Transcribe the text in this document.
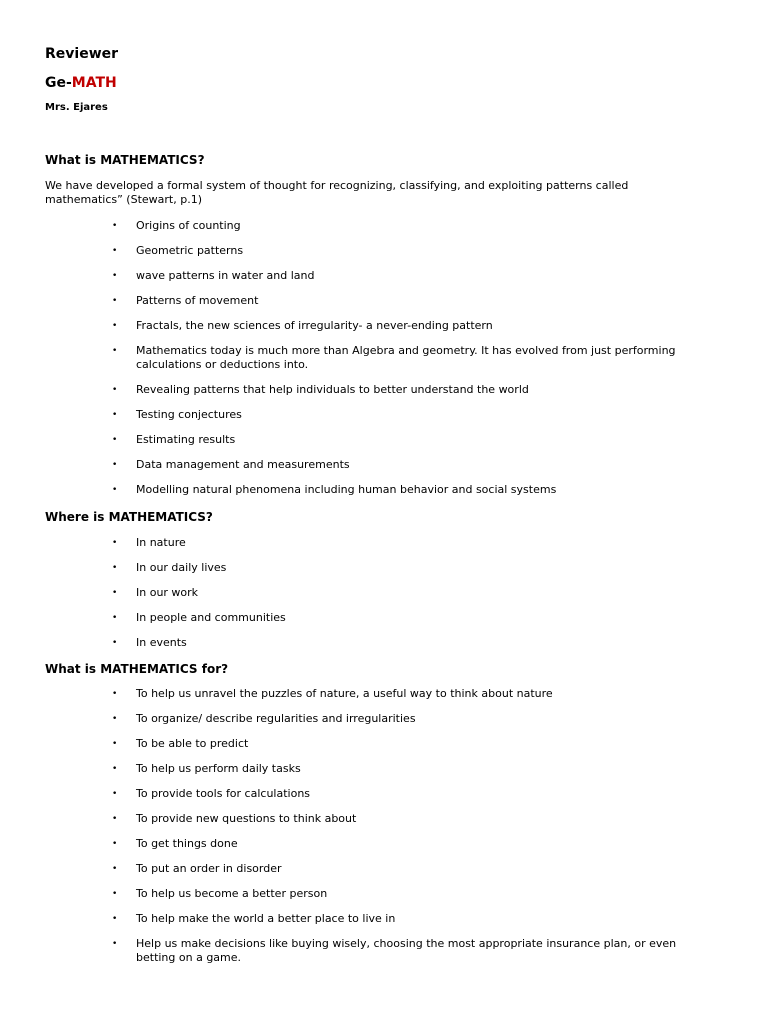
Reviewer
Ge-MATH
Mrs. Ejares
What is MATHEMATICS?

We have developed a formal system of thought for recognizing, classifying, and exploiting patterns called mathematics” (Stewart, p.1)

• Origins of counting
• Geometric patterns
• wave patterns in water and land
• Patterns of movement
• Fractals, the new sciences of irregularity- a never-ending pattern
• Mathematics today is much more than Algebra and geometry. It has evolved from just performing calculations or deductions into.
• Revealing patterns that help individuals to better understand the world
• Testing conjectures
• Estimating results
• Data management and measurements
• Modelling natural phenomena including human behavior and social systems
Where is MATHEMATICS?
• In nature
• In our daily lives
• In our work
• In people and communities
• In events
What is MATHEMATICS for?
• To help us unravel the puzzles of nature, a useful way to think about nature
• To organize/ describe regularities and irregularities
• To be able to predict
• To help us perform daily tasks
• To provide tools for calculations
• To provide new questions to think about
• To get things done
• To put an order in disorder
• To help us become a better person
• To help make the world a better place to live in
• Help us make decisions like buying wisely, choosing the most appropriate insurance plan, or even betting on a game.
